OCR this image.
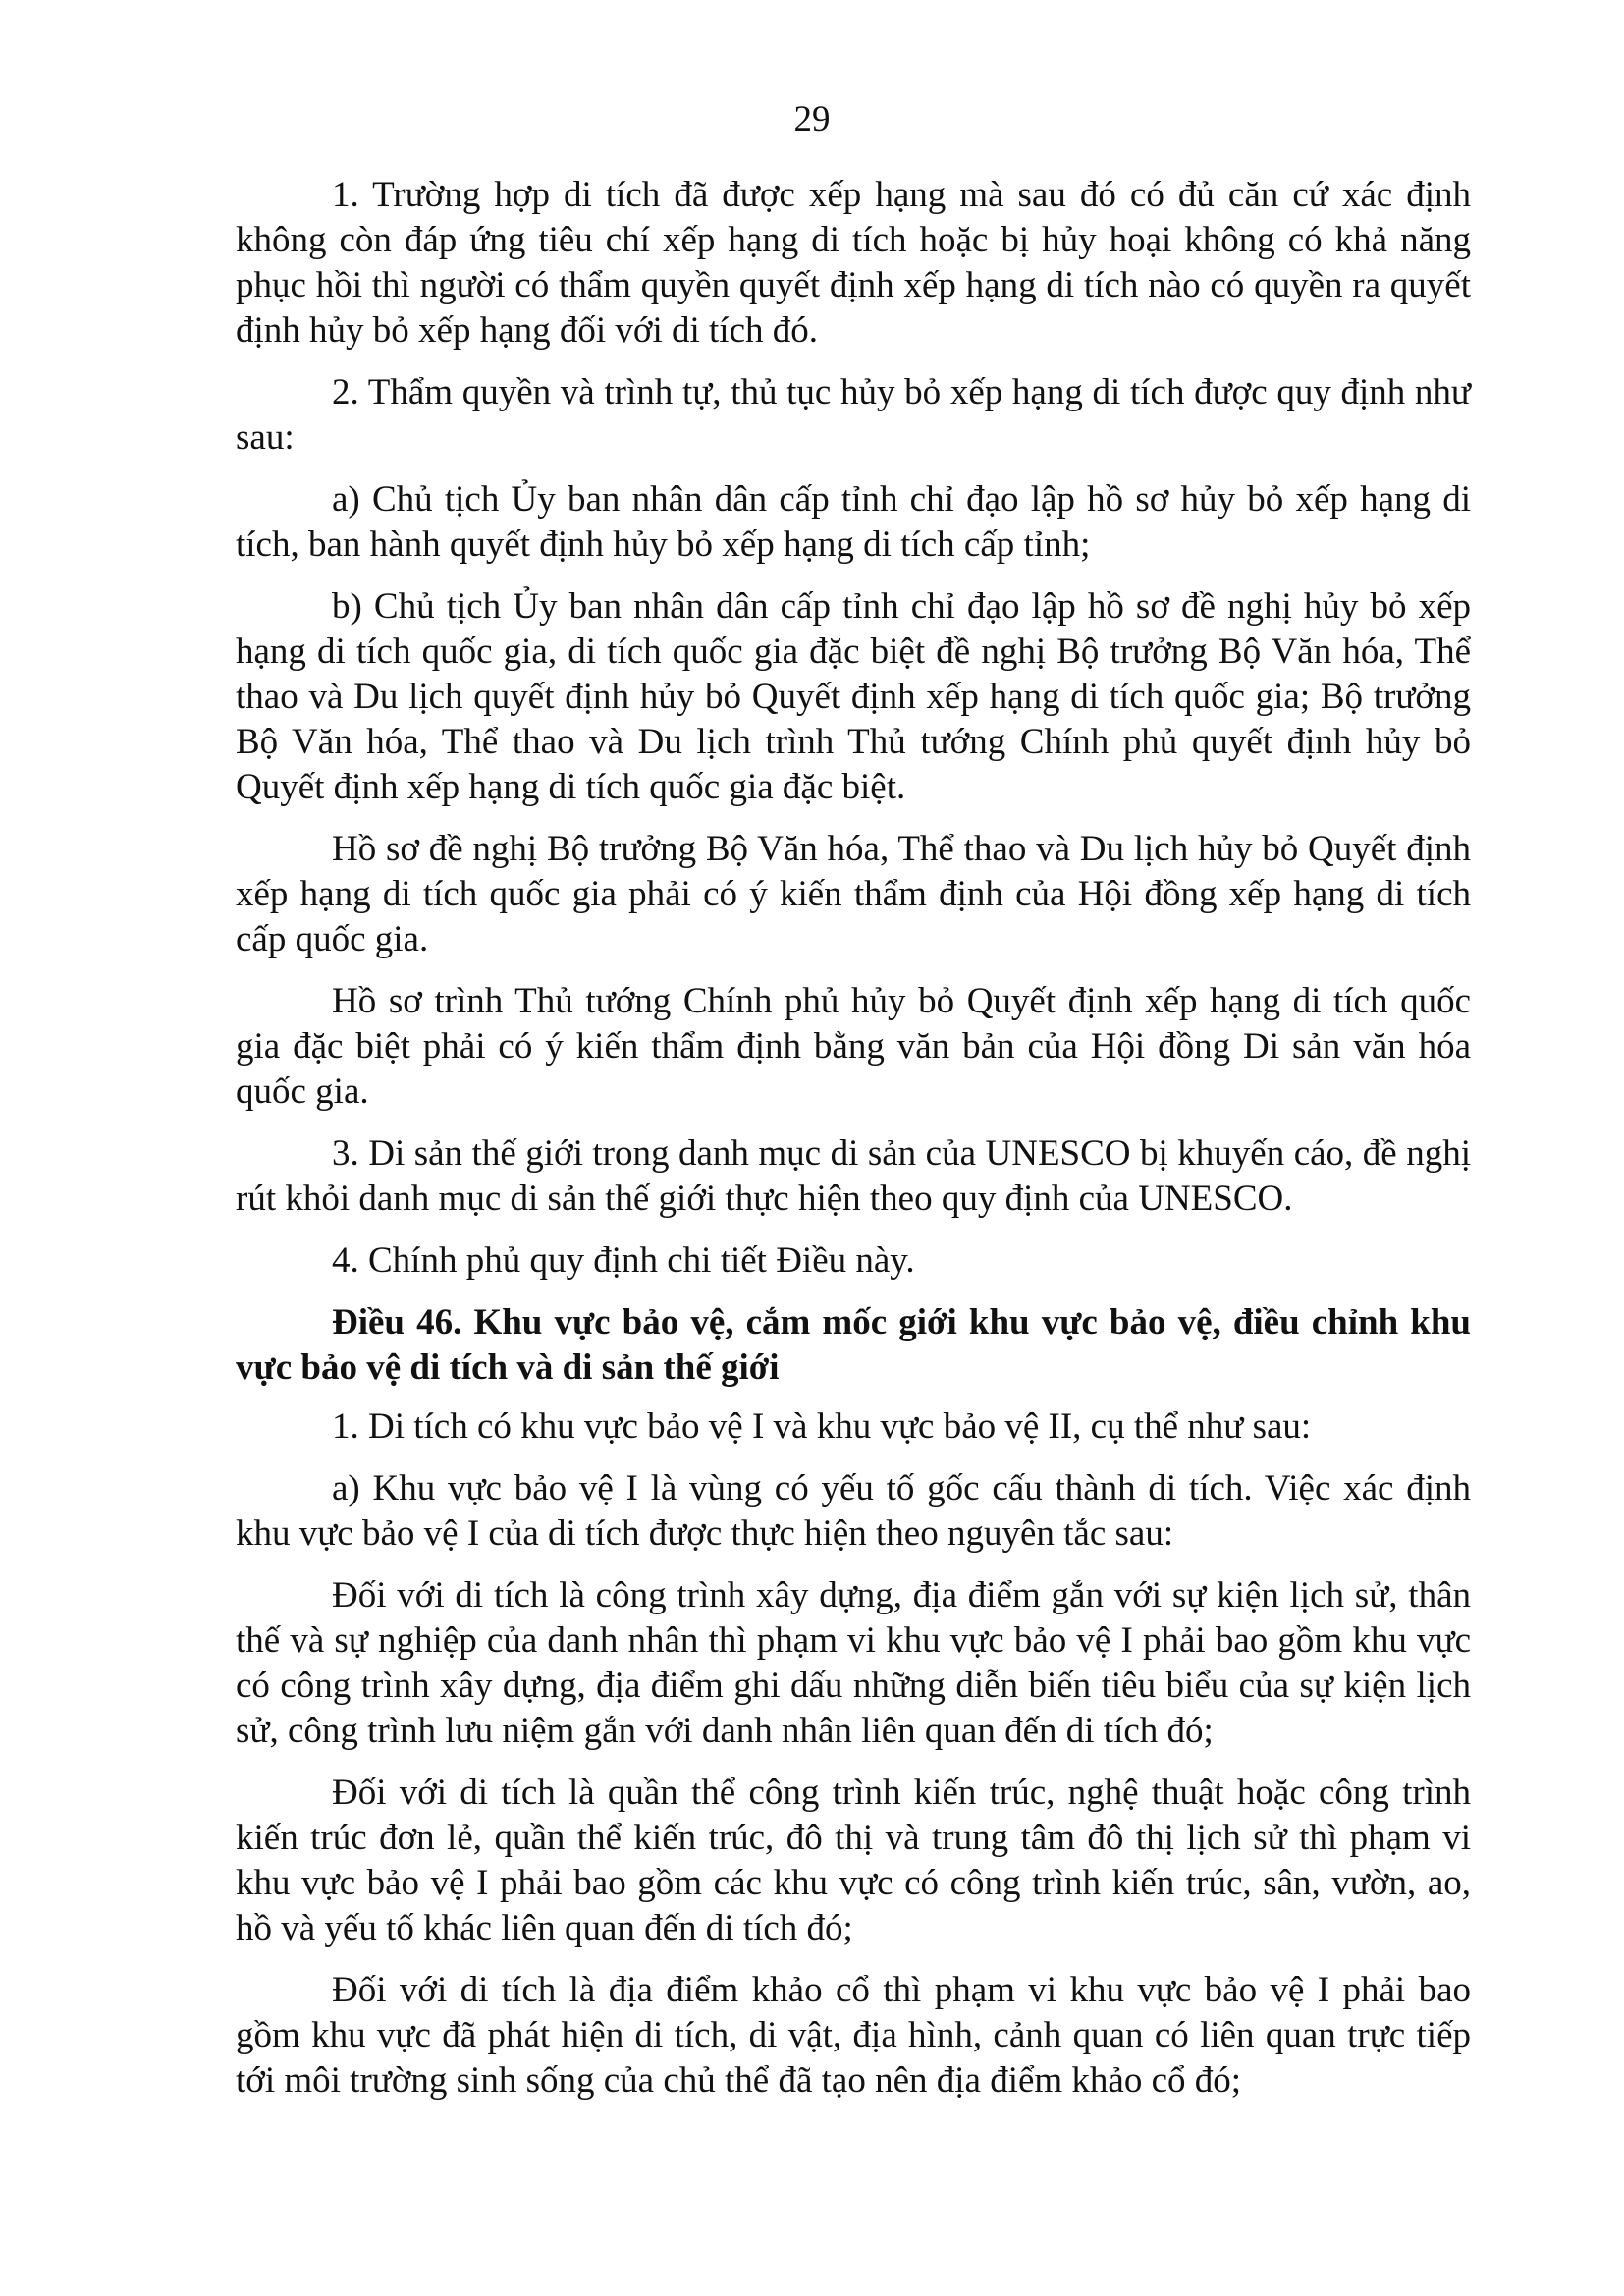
29

1. Trường hợp di tích đã được xếp hạng mà sau đó có đủ căn cứ xác định không còn đáp ứng tiêu chí xếp hạng di tích hoặc bị hủy hoại không có khả năng phục hồi thì người có thẩm quyền quyết định xếp hạng di tích nào có quyền ra quyết định hủy bỏ xếp hạng đối với di tích đó.

2. Thẩm quyền và trình tự, thủ tục hủy bỏ xếp hạng di tích được quy định như sau:

a) Chủ tịch Ủy ban nhân dân cấp tỉnh chỉ đạo lập hồ sơ hủy bỏ xếp hạng di tích, ban hành quyết định hủy bỏ xếp hạng di tích cấp tỉnh;

b) Chủ tịch Ủy ban nhân dân cấp tỉnh chỉ đạo lập hồ sơ đề nghị hủy bỏ xếp hạng di tích quốc gia, di tích quốc gia đặc biệt đề nghị Bộ trưởng Bộ Văn hóa, Thể thao và Du lịch quyết định hủy bỏ Quyết định xếp hạng di tích quốc gia; Bộ trưởng Bộ Văn hóa, Thể thao và Du lịch trình Thủ tướng Chính phủ quyết định hủy bỏ Quyết định xếp hạng di tích quốc gia đặc biệt.

Hồ sơ đề nghị Bộ trưởng Bộ Văn hóa, Thể thao và Du lịch hủy bỏ Quyết định xếp hạng di tích quốc gia phải có ý kiến thẩm định của Hội đồng xếp hạng di tích cấp quốc gia.

Hồ sơ trình Thủ tướng Chính phủ hủy bỏ Quyết định xếp hạng di tích quốc gia đặc biệt phải có ý kiến thẩm định bằng văn bản của Hội đồng Di sản văn hóa quốc gia.

3. Di sản thế giới trong danh mục di sản của UNESCO bị khuyến cáo, đề nghị rút khỏi danh mục di sản thế giới thực hiện theo quy định của UNESCO.

4. Chính phủ quy định chi tiết Điều này.

Điều 46. Khu vực bảo vệ, cắm mốc giới khu vực bảo vệ, điều chỉnh khu vực bảo vệ di tích và di sản thế giới

1. Di tích có khu vực bảo vệ I và khu vực bảo vệ II, cụ thể như sau:

a) Khu vực bảo vệ I là vùng có yếu tố gốc cấu thành di tích. Việc xác định khu vực bảo vệ I của di tích được thực hiện theo nguyên tắc sau:

Đối với di tích là công trình xây dựng, địa điểm gắn với sự kiện lịch sử, thân thế và sự nghiệp của danh nhân thì phạm vi khu vực bảo vệ I phải bao gồm khu vực có công trình xây dựng, địa điểm ghi dấu những diễn biến tiêu biểu của sự kiện lịch sử, công trình lưu niệm gắn với danh nhân liên quan đến di tích đó;

Đối với di tích là quần thể công trình kiến trúc, nghệ thuật hoặc công trình kiến trúc đơn lẻ, quần thể kiến trúc, đô thị và trung tâm đô thị lịch sử thì phạm vi khu vực bảo vệ I phải bao gồm các khu vực có công trình kiến trúc, sân, vườn, ao, hồ và yếu tố khác liên quan đến di tích đó;

Đối với di tích là địa điểm khảo cổ thì phạm vi khu vực bảo vệ I phải bao gồm khu vực đã phát hiện di tích, di vật, địa hình, cảnh quan có liên quan trực tiếp tới môi trường sinh sống của chủ thể đã tạo nên địa điểm khảo cổ đó;
